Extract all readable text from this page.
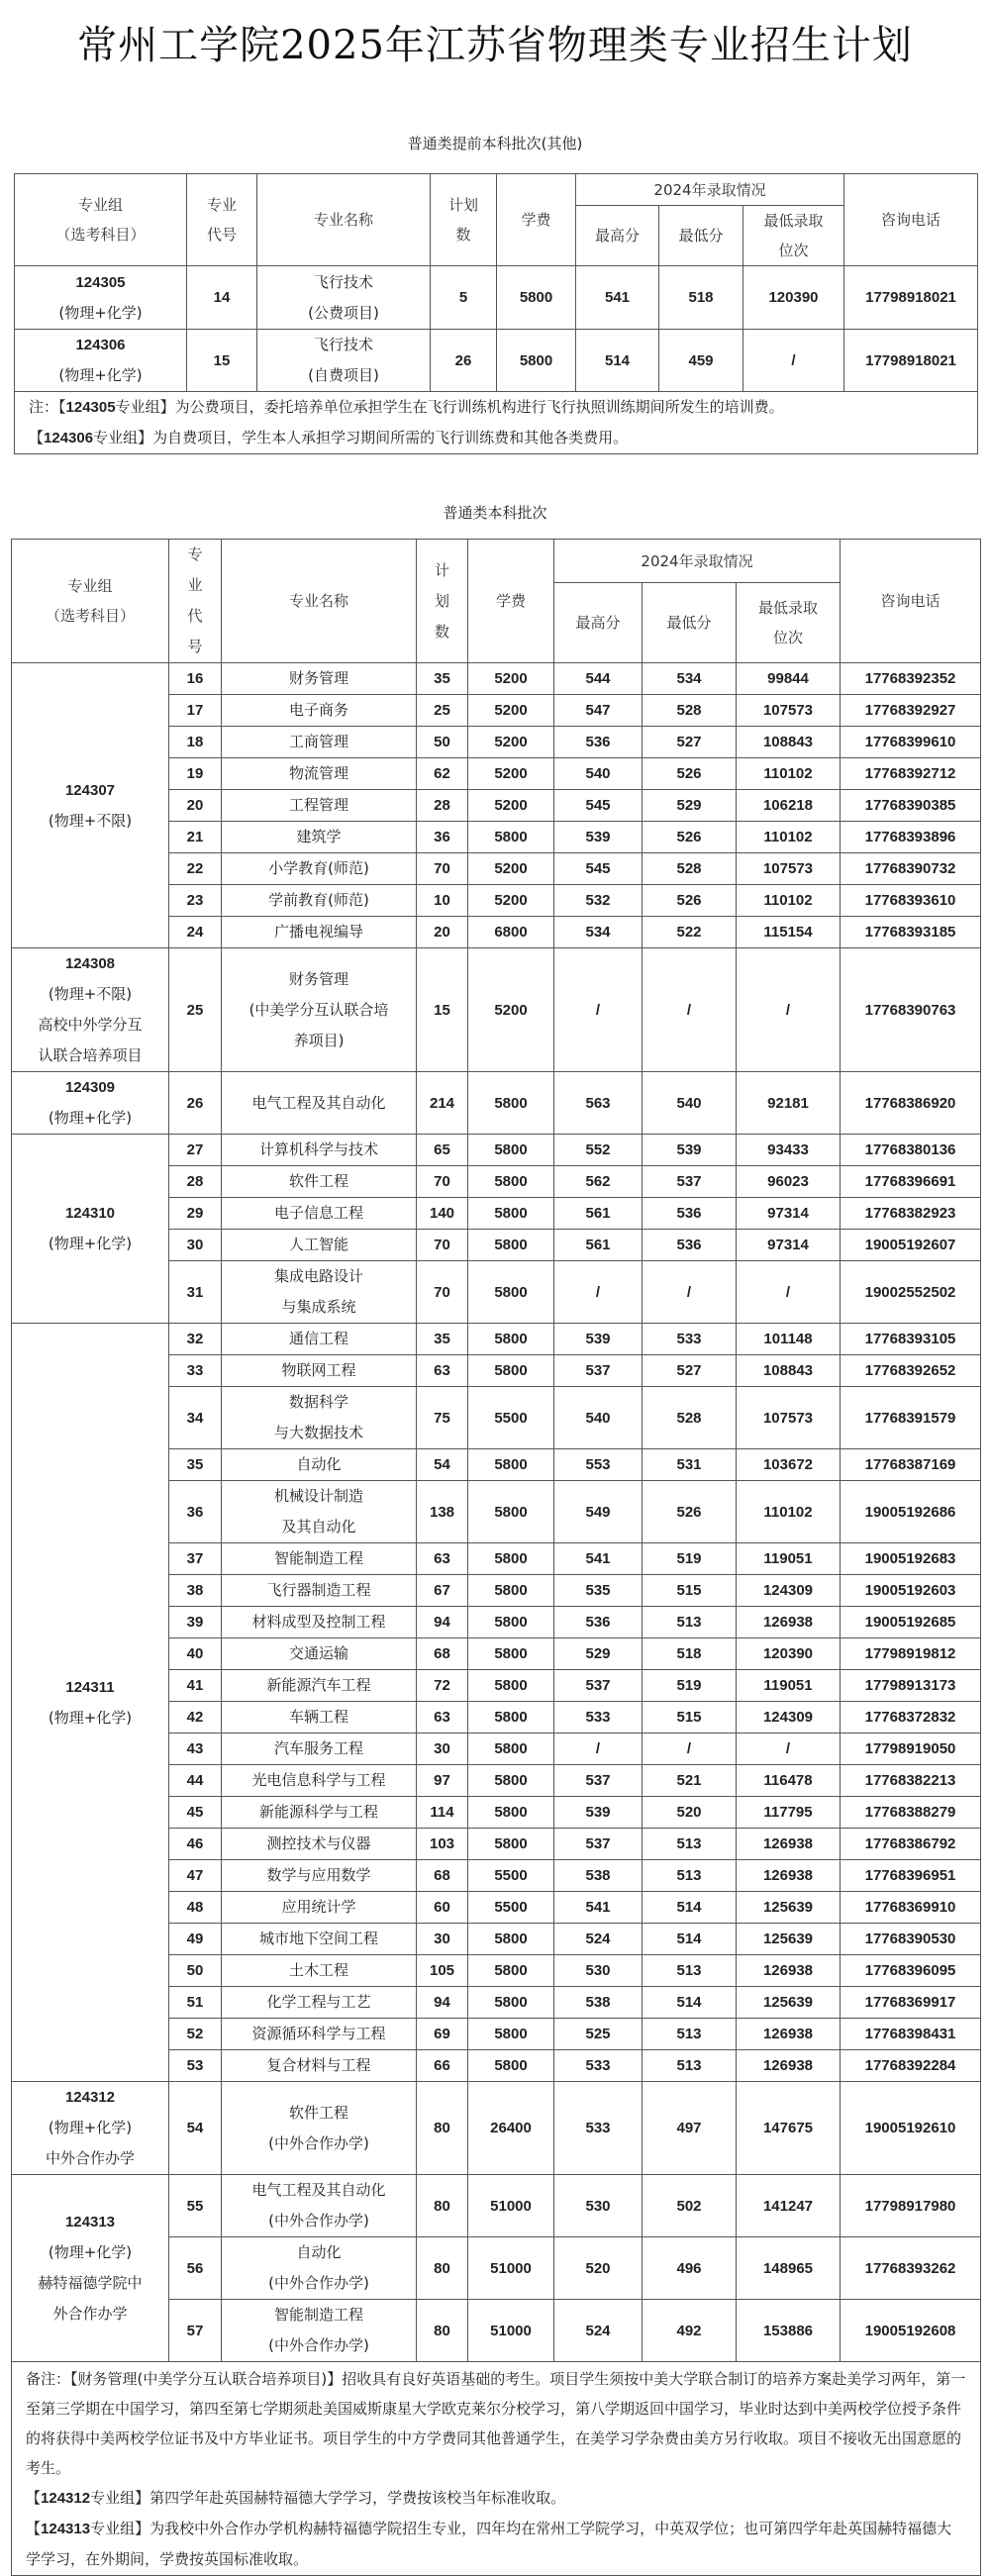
常州工学院2025年江苏省物理类专业招生计划
普通类提前本科批次(其他)
专业组
（选考科目）

专业
代号
	专业名称	
计划
数
	学费	2024年录取情况	咨询电话
最高分	最低分	
最低录取
位次

124305
(物理+化学)
	14	
飞行技术
(公费项目)
	5	5800	541	518	120390	17798918021

124306
(物理+化学)
	15	
飞行技术
(自费项目)
	26	5800	514	459	/	17798918021

注：【124305专业组】为公费项目，委托培养单位承担学生在飞行训练机构进行飞行执照训练期间所发生的培训费。
【124306专业组】为自费项目，学生本人承担学习期间所需的飞行训练费和其他各类费用。
普通类本科批次
专业组
（选考科目）

专
业
代
号
	专业名称	
计
划
数
	学费	2024年录取情况	咨询电话
最高分	最低分	
最低录取
位次

124307
(物理+不限)
	16	财务管理	35	5200	544	534	99844	17768392352
17	电子商务	25	5200	547	528	107573	17768392927
18	工商管理	50	5200	536	527	108843	17768399610
19	物流管理	62	5200	540	526	110102	17768392712
20	工程管理	28	5200	545	529	106218	17768390385
21	建筑学	36	5800	539	526	110102	17768393896
22	小学教育(师范)	70	5200	545	528	107573	17768390732
23	学前教育(师范)	10	5200	532	526	110102	17768393610
24	广播电视编导	20	6800	534	522	115154	17768393185

124308
(物理+不限)
高校中外学分互
认联合培养项目
	25	
财务管理
(中美学分互认联合培
养项目)
	15	5200	/	/	/	17768390763

124309
(物理+化学)
	26	电气工程及其自动化	214	5800	563	540	92181	17768386920

124310
(物理+化学)
	27	计算机科学与技术	65	5800	552	539	93433	17768380136
28	软件工程	70	5800	562	537	96023	17768396691
29	电子信息工程	140	5800	561	536	97314	17768382923
30	人工智能	70	5800	561	536	97314	19005192607
31	
集成电路设计
与集成系统
	70	5800	/	/	/	19002552502

124311
(物理+化学)
	32	通信工程	35	5800	539	533	101148	17768393105
33	物联网工程	63	5800	537	527	108843	17768392652
34	
数据科学
与大数据技术
	75	5500	540	528	107573	17768391579
35	自动化	54	5800	553	531	103672	17768387169
36	
机械设计制造
及其自动化
	138	5800	549	526	110102	19005192686
37	智能制造工程	63	5800	541	519	119051	19005192683
38	飞行器制造工程	67	5800	535	515	124309	19005192603
39	材料成型及控制工程	94	5800	536	513	126938	19005192685
40	交通运输	68	5800	529	518	120390	17798919812
41	新能源汽车工程	72	5800	537	519	119051	17798913173
42	车辆工程	63	5800	533	515	124309	17768372832
43	汽车服务工程	30	5800	/	/	/	17798919050
44	光电信息科学与工程	97	5800	537	521	116478	17768382213
45	新能源科学与工程	114	5800	539	520	117795	17768388279
46	测控技术与仪器	103	5800	537	513	126938	17768386792
47	数学与应用数学	68	5500	538	513	126938	17768396951
48	应用统计学	60	5500	541	514	125639	17768369910
49	城市地下空间工程	30	5800	524	514	125639	17768390530
50	土木工程	105	5800	530	513	126938	17768396095
51	化学工程与工艺	94	5800	538	514	125639	17768369917
52	资源循环科学与工程	69	5800	525	513	126938	17768398431
53	复合材料与工程	66	5800	533	513	126938	17768392284

124312
(物理+化学)
中外合作办学
	54	
软件工程
(中外合作办学)
	80	26400	533	497	147675	19005192610

124313
(物理+化学)
赫特福德学院中
外合作办学
	55	
电气工程及其自动化
(中外合作办学)
	80	51000	530	502	141247	17798917980
56	
自动化
(中外合作办学)
	80	51000	520	496	148965	17768393262
57	
智能制造工程
(中外合作办学)
	80	51000	524	492	153886	19005192608

备注：【财务管理(中美学分互认联合培养项目)】招收具有良好英语基础的考生。项目学生须按中美大学联合制订的培养方案赴美学习两年，第一至第三学期在中国学习，第四至第七学期须赴美国威斯康星大学欧克莱尔分校学习，第八学期返回中国学习，毕业时达到中美两校学位授予条件的将获得中美两校学位证书及中方毕业证书。项目学生的中方学费同其他普通学生，在美学习学杂费由美方另行收取。项目不接收无出国意愿的考生。
【124312专业组】第四学年赴英国赫特福德大学学习，学费按该校当年标准收取。
【124313专业组】为我校中外合作办学机构赫特福德学院招生专业，四年均在常州工学院学习，中英双学位；也可第四学年赴英国赫特福德大学学习，在外期间，学费按英国标准收取。
